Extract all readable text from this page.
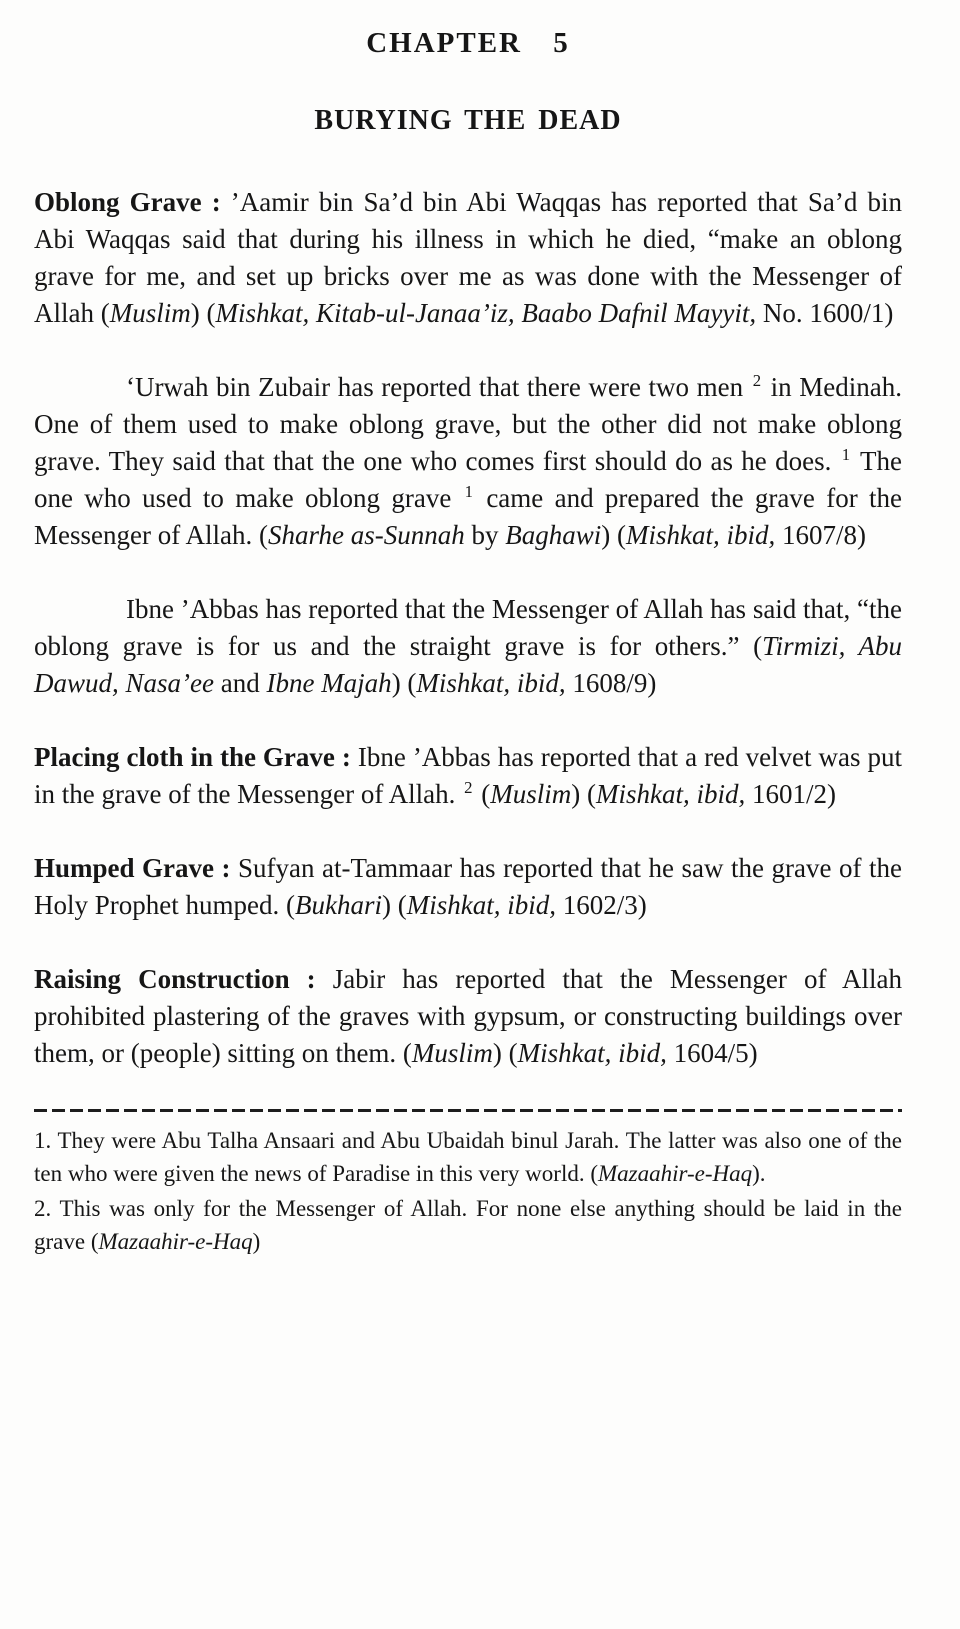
CHAPTER 5
BURYING THE DEAD

Oblong Grave : ’Aamir bin Sa’d bin Abi Waqqas has reported that Sa’d bin Abi Waqqas said that during his illness in which he died, “make an oblong grave for me, and set up bricks over me as was done with the Messenger of Allah (Muslim) (Mishkat, Kitab-ul-Janaa’iz, Baabo Dafnil Mayyit, No. 1600/1)

‘Urwah bin Zubair has reported that there were two men $^2$ in Medinah. One of them used to make oblong grave, but the other did not make oblong grave. They said that that the one who comes first should do as he does. $^1$ The one who used to make oblong grave $^1$ came and prepared the grave for the Messenger of Allah. (Sharhe as-Sunnah by Baghawi) (Mishkat, ibid, 1607/8)

Ibne ’Abbas has reported that the Messenger of Allah has said that, “the oblong grave is for us and the straight grave is for others.” (Tirmizi, Abu Dawud, Nasa’ee and Ibne Majah) (Mishkat, ibid, 1608/9)

Placing cloth in the Grave : Ibne ’Abbas has reported that a red velvet was put in the grave of the Messenger of Allah. $^2$ (Muslim) (Mishkat, ibid, 1601/2)

Humped Grave : Sufyan at-Tammaar has reported that he saw the grave of the Holy Prophet humped. (Bukhari) (Mishkat, ibid, 1602/3)

Raising Construction : Jabir has reported that the Messenger of Allah prohibited plastering of the graves with gypsum, or constructing buildings over them, or (people) sitting on them. (Muslim) (Mishkat, ibid, 1604/5)

1. They were Abu Talha Ansaari and Abu Ubaidah binul Jarah. The latter was also one of the ten who were given the news of Paradise in this very world. (Mazaahir-e-Haq).

2. This was only for the Messenger of Allah. For none else anything should be laid in the grave (Mazaahir-e-Haq)
